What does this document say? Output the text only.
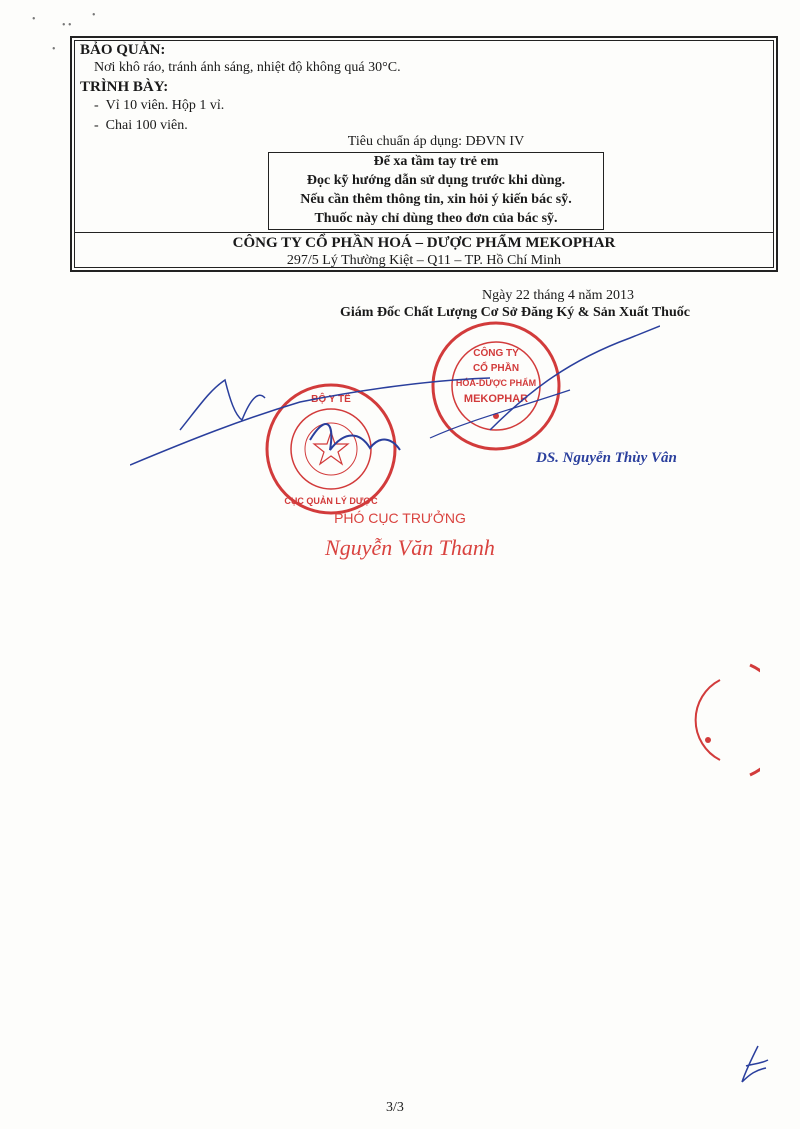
•
• •
•
• BẢO QUẢN:
Nơi khô ráo, tránh ánh sáng, nhiệt độ không quá 30°C.
TRÌNH BÀY:
-  Vỉ 10 viên. Hộp 1 vỉ.
-  Chai 100 viên.
Tiêu chuẩn áp dụng: DĐVN IV
Để xa tầm tay trẻ em
Đọc kỹ hướng dẫn sử dụng trước khi dùng.
Nếu cần thêm thông tin, xin hỏi ý kiến bác sỹ.
Thuốc này chỉ dùng theo đơn của bác sỹ.
CÔNG TY CỔ PHẦN HOÁ – DƯỢC PHẨM MEKOPHAR
297/5 Lý Thường Kiệt – Q11 – TP. Hồ Chí Minh
Ngày 22 tháng 4 năm 2013
Giám Đốc Chất Lượng Cơ Sở Đăng Ký & Sản Xuất Thuốc
CÔNG TY
CỔ PHẦN
HÓA-DƯỢC PHẨM
MEKOPHAR
BỘ Y TẾ
CỤC QUẢN LÝ DƯỢC
DS. Nguyễn Thùy Vân
PHÓ CỤC TRƯỞNG
Nguyễn Văn Thanh
3/3
